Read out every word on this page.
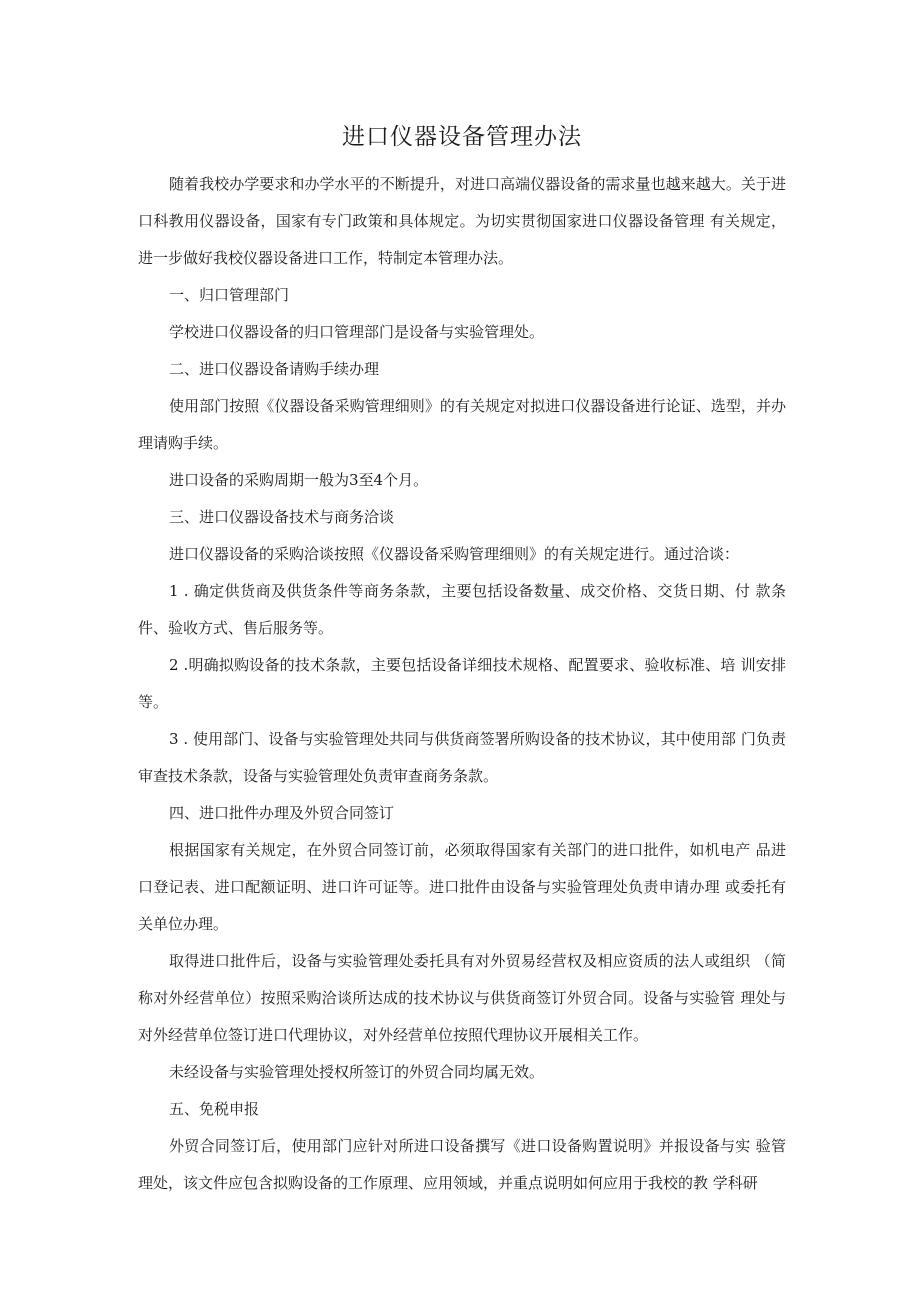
进口仪器设备管理办法

随着我校办学要求和办学水平的不断提升，对进口高端仪器设备的需求量也越来越大。关于进口科教用仪器设备，国家有专门政策和具体规定。为切实贯彻国家进口仪器设备管理 有关规定，进一步做好我校仪器设备进口工作，特制定本管理办法。

一、归口管理部门

学校进口仪器设备的归口管理部门是设备与实验管理处。

二、进口仪器设备请购手续办理

使用部门按照《仪器设备采购管理细则》的有关规定对拟进口仪器设备进行论证、选型，并办理请购手续。

进口设备的采购周期一般为3至4个月。

三、进口仪器设备技术与商务洽谈

进口仪器设备的采购洽谈按照《仪器设备采购管理细则》的有关规定进行。通过洽谈：

1 . 确定供货商及供货条件等商务条款，主要包括设备数量、成交价格、交货日期、付 款条件、验收方式、售后服务等。

2 .明确拟购设备的技术条款，主要包括设备详细技术规格、配置要求、验收标准、培 训安排等。

3 . 使用部门、设备与实验管理处共同与供货商签署所购设备的技术协议，其中使用部 门负责审查技术条款，设备与实验管理处负责审查商务条款。

四、进口批件办理及外贸合同签订

根据国家有关规定，在外贸合同签订前，必须取得国家有关部门的进口批件，如机电产 品进口登记表、进口配额证明、进口许可证等。进口批件由设备与实验管理处负责申请办理 或委托有关单位办理。

取得进口批件后，设备与实验管理处委托具有对外贸易经营权及相应资质的法人或组织 （简称对外经营单位）按照采购洽谈所达成的技术协议与供货商签订外贸合同。设备与实验管 理处与对外经营单位签订进口代理协议，对外经营单位按照代理协议开展相关工作。

未经设备与实验管理处授权所签订的外贸合同均属无效。

五、免税申报

外贸合同签订后，使用部门应针对所进口设备撰写《进口设备购置说明》并报设备与实 验管理处，该文件应包含拟购设备的工作原理、应用领域，并重点说明如何应用于我校的教 学科研
